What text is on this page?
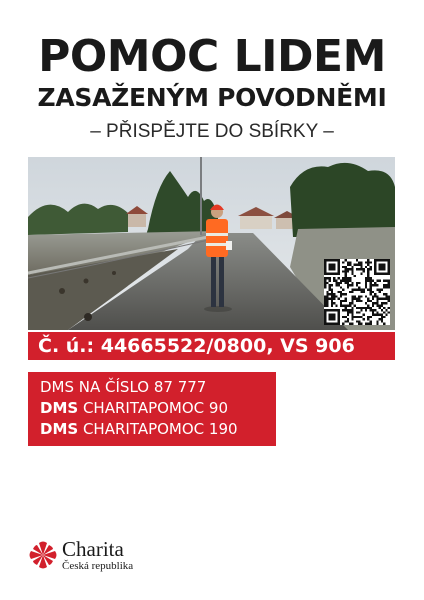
POMOC LIDEM
ZASAŽENÝM POVODNĚMI
– PŘISPĚJTE DO SBÍRKY –
Č. ú.: 44665522/0800, VS 906
DMS NA ČÍSLO 87 777
DMS CHARITAPOMOC 90
DMS CHARITAPOMOC 190
Charita
Česká republika
